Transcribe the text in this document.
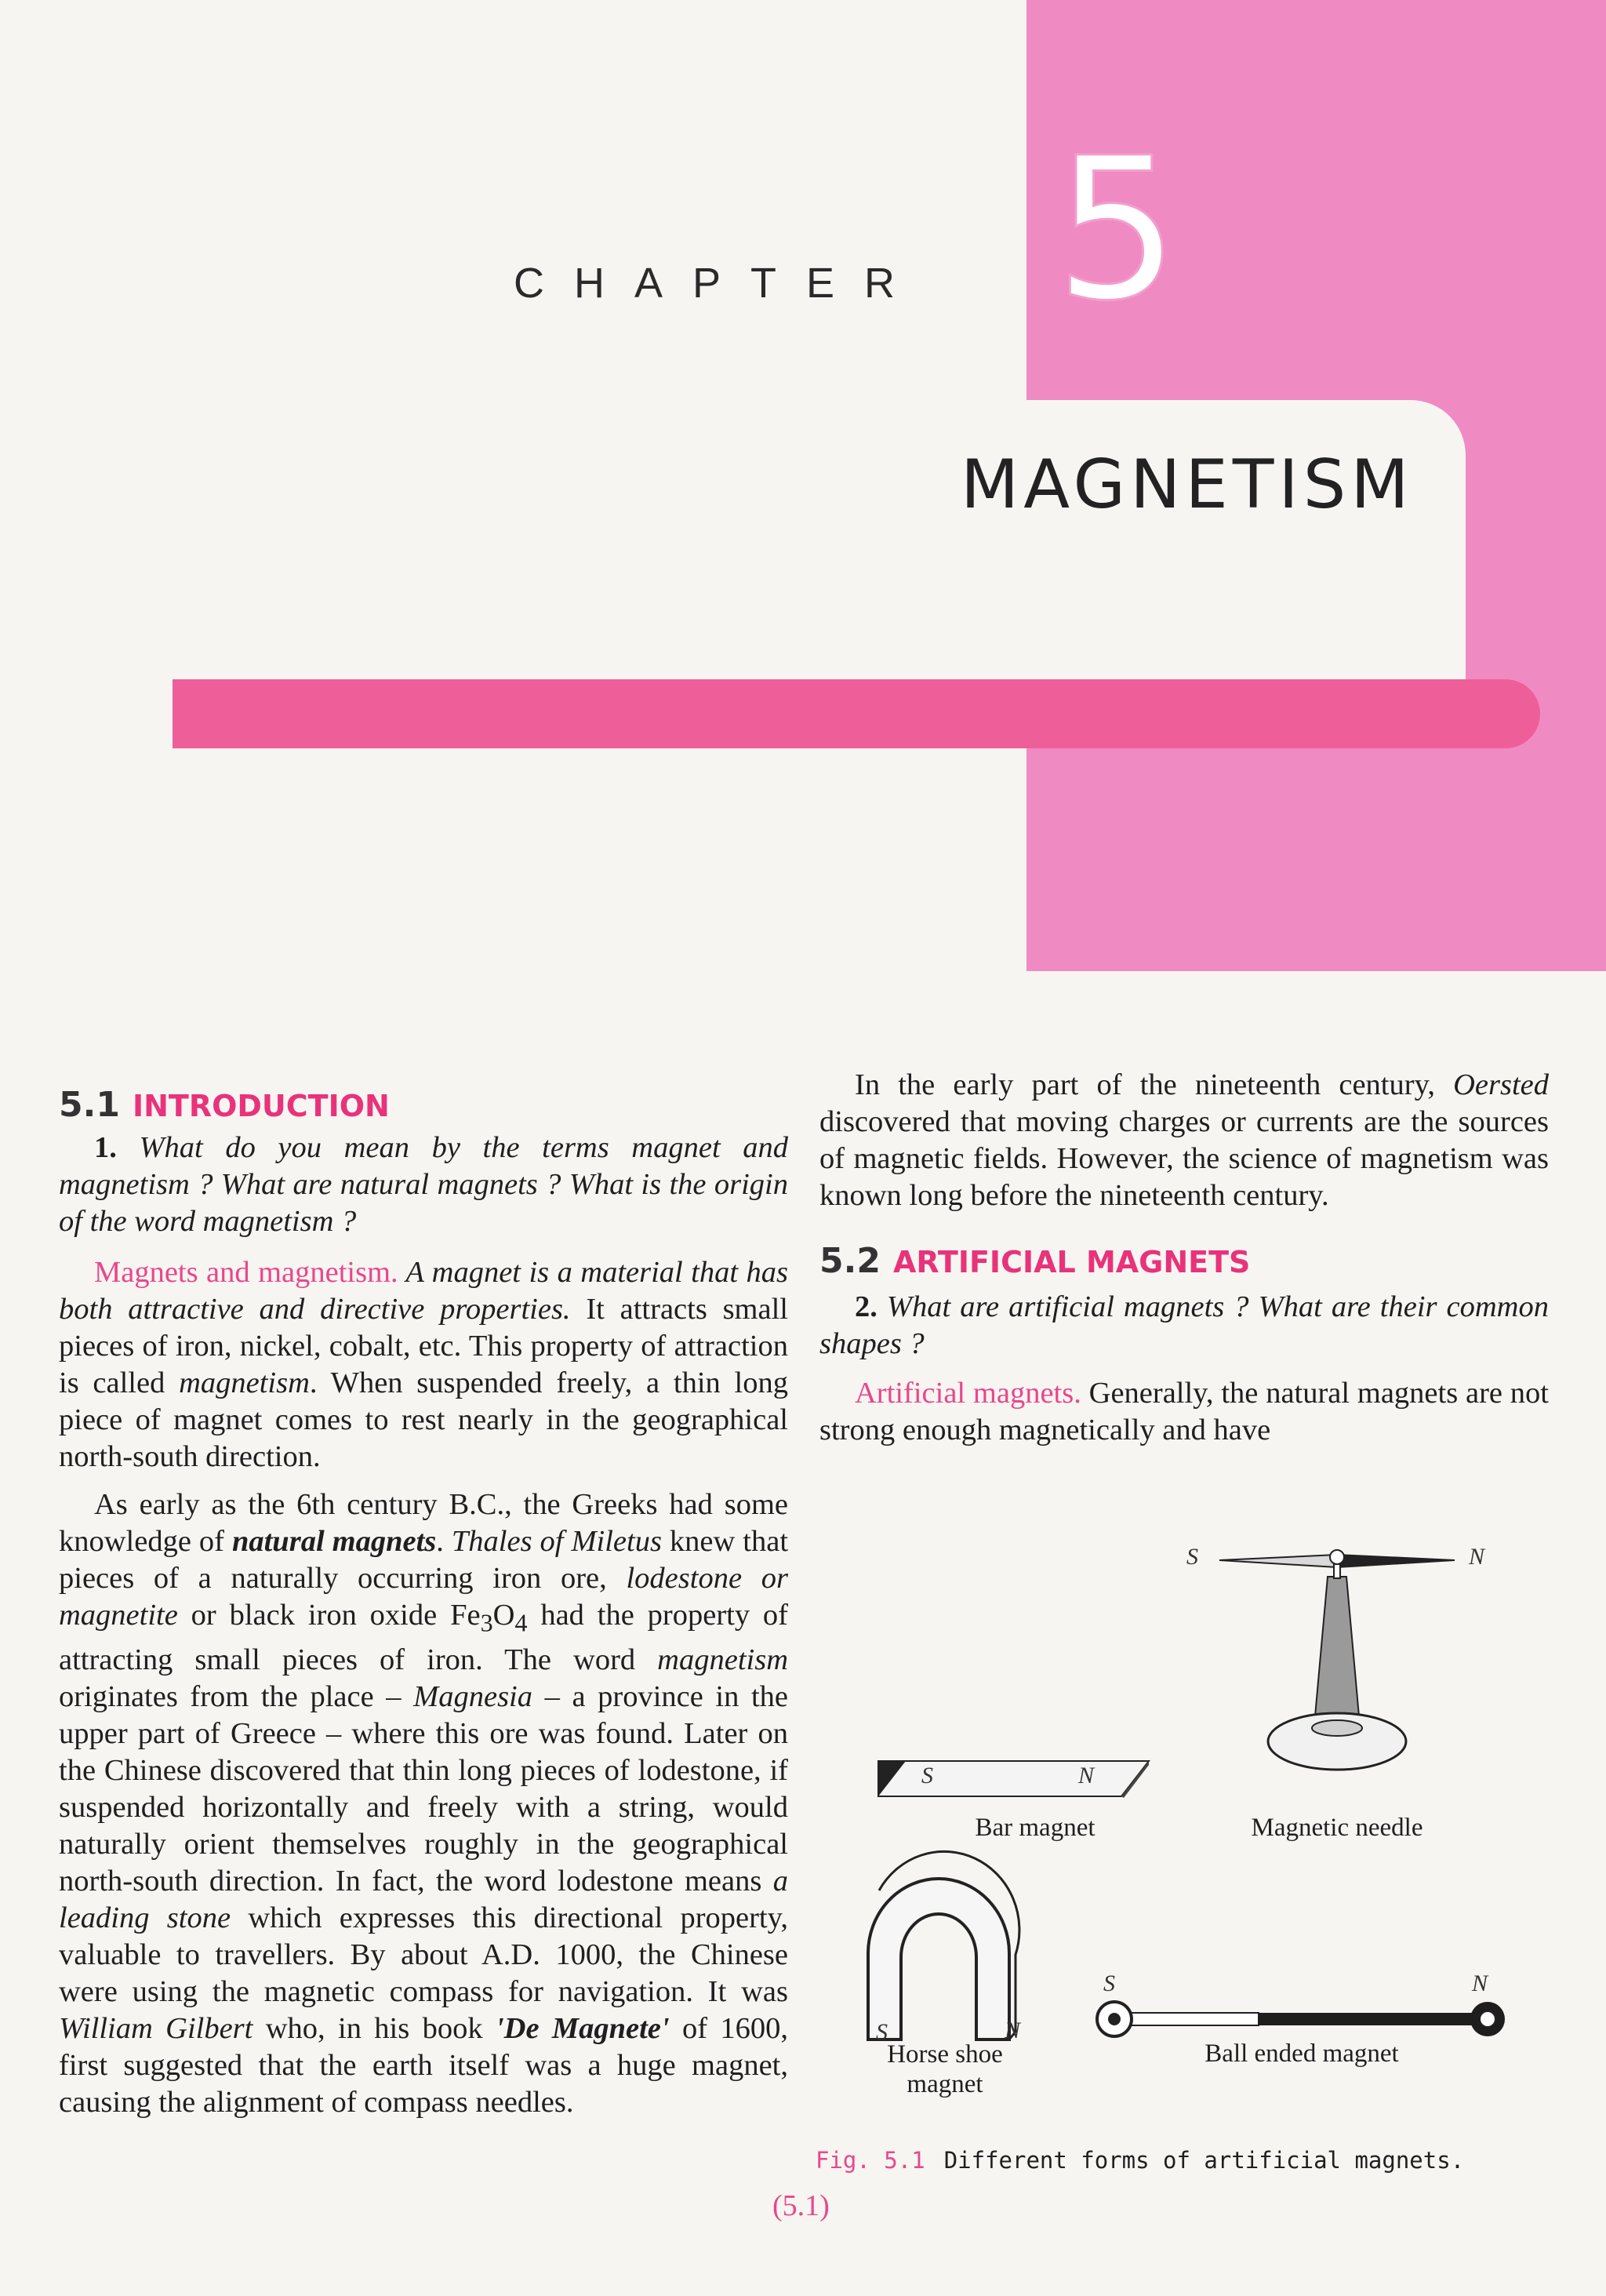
CHAPTER 5
MAGNETISM
5.1 INTRODUCTION

1. What do you mean by the terms magnet and magnetism ? What are natural magnets ? What is the origin of the word magnetism ?

Magnets and magnetism. A magnet is a material that has both attractive and directive properties. It attracts small pieces of iron, nickel, cobalt, etc. This property of attraction is called magnetism. When suspended freely, a thin long piece of magnet comes to rest nearly in the geographical north-south direction.

As early as the 6th century B.C., the Greeks had some knowledge of natural magnets. Thales of Miletus knew that pieces of a naturally occurring iron ore, lodestone or magnetite or black iron oxide $Fe_3O_4$ had the property of attracting small pieces of iron. The word magnetism originates from the place – Magnesia – a province in the upper part of Greece – where this ore was found. Later on the Chinese discovered that thin long pieces of lodestone, if suspended horizontally and freely with a string, would naturally orient themselves roughly in the geographical north-south direction. In fact, the word lodestone means a leading stone which expresses this directional property, valuable to travellers. By about A.D. 1000, the Chinese were using the magnetic compass for navigation. It was William Gilbert who, in his book 'De Magnete' of 1600, first suggested that the earth itself was a huge magnet, causing the alignment of compass needles.

In the early part of the nineteenth century, Oersted discovered that moving charges or currents are the sources of magnetic fields. However, the science of magnetism was known long before the nineteenth century.

5.2 ARTIFICIAL MAGNETS

2. What are artificial magnets ? What are their common shapes ?

Artificial magnets. Generally, the natural magnets are not strong enough magnetically and have

S	N
S	N
Bar magnet	Magnetic needle
S	N
Horse shoe
magnet
S	N
Ball ended magnet
Fig. 5.1 Different forms of artificial magnets.
(5.1)
